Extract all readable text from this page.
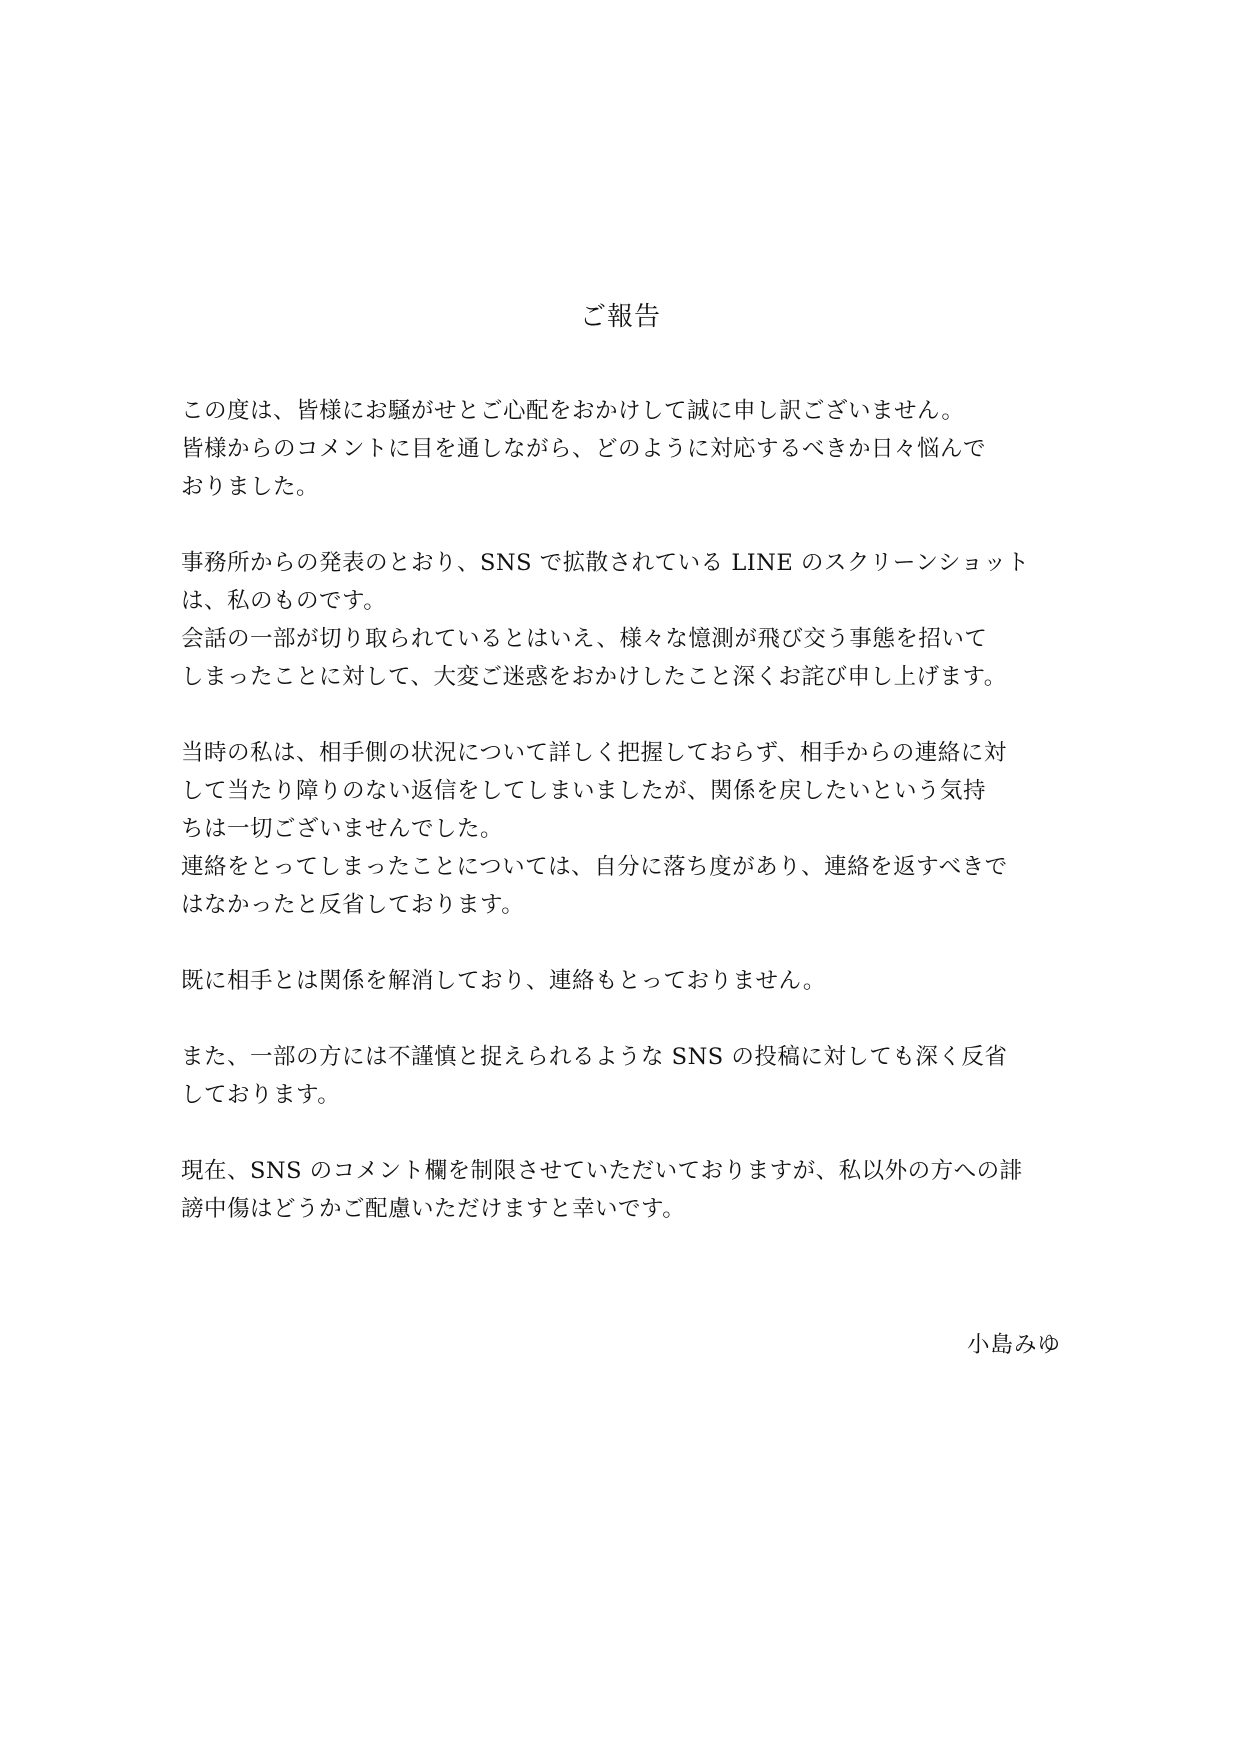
ご報告
この度は、皆様にお騒がせとご心配をおかけして誠に申し訳ございません。
皆様からのコメントに目を通しながら、どのように対応するべきか日々悩んで
おりました。
事務所からの発表のとおり、SNS で拡散されている LINE のスクリーンショット
は、私のものです。
会話の一部が切り取られているとはいえ、様々な憶測が飛び交う事態を招いて
しまったことに対して、大変ご迷惑をおかけしたこと深くお詫び申し上げます。
当時の私は、相手側の状況について詳しく把握しておらず、相手からの連絡に対
して当たり障りのない返信をしてしまいましたが、関係を戻したいという気持
ちは一切ございませんでした。
連絡をとってしまったことについては、自分に落ち度があり、連絡を返すべきで
はなかったと反省しております。
既に相手とは関係を解消しており、連絡もとっておりません。
また、一部の方には不謹慎と捉えられるような SNS の投稿に対しても深く反省
しております。
現在、SNS のコメント欄を制限させていただいておりますが、私以外の方への誹
謗中傷はどうかご配慮いただけますと幸いです。
小島みゆ
